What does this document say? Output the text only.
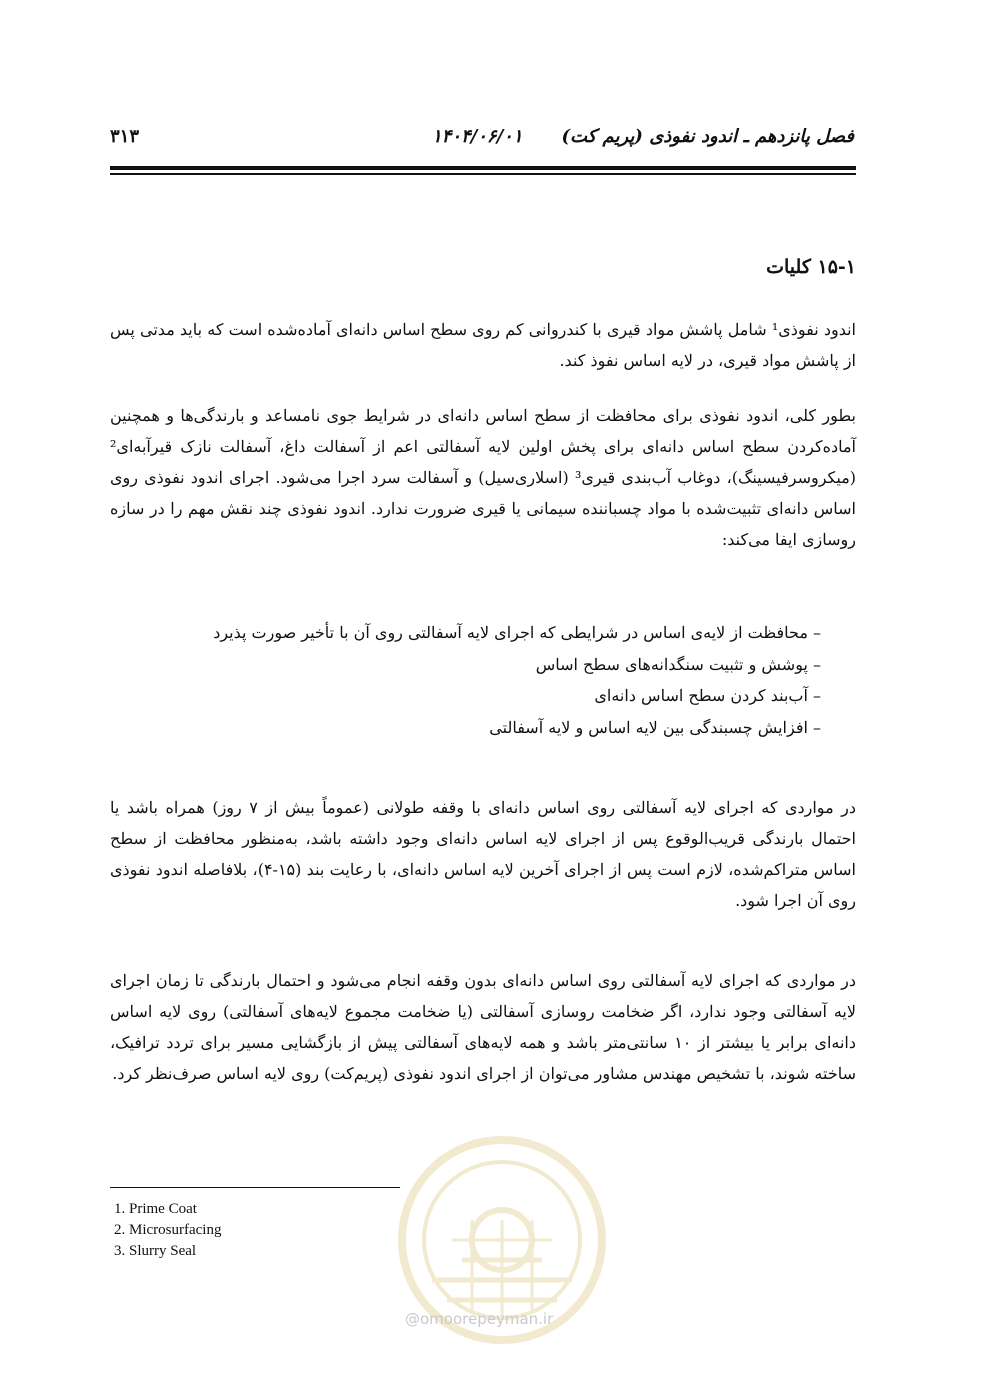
فصل پانزدهم ـ اندود نفوذی (پریم کت)
۱۴۰۴/۰۶/۰۱
۳۱۳
۱۵-۱ کلیات
اندود نفوذی¹ شامل پاشش مواد قیری با کندروانی کم روی سطح اساس دانه‌ای آماده‌شده است که باید مدتی پس از پاشش مواد قیری، در لایه اساس نفوذ کند.
بطور کلی، اندود نفوذی برای محافظت از سطح اساس دانه‌ای در شرایط جوی نامساعد و بارندگی‌ها و همچنین آماده‌کردن سطح اساس دانه‌ای برای پخش اولین لایه آسفالتی اعم از آسفالت داغ، آسفالت نازک قیرآبه‌ای² (میکروسرفیسینگ)، دوغاب آب‌بندی قیری³ (اسلاری‌سیل) و آسفالت سرد اجرا می‌شود. اجرای اندود نفوذی روی اساس دانه‌ای تثبیت‌شده با مواد چسباننده سیمانی یا قیری ضرورت ندارد. اندود نفوذی چند نقش مهم را در سازه روسازی ایفا می‌کند:
– محافظت از لایه‌ی اساس در شرایطی که اجرای لایه آسفالتی روی آن با تأخیر صورت پذیرد
– پوشش و تثبیت سنگدانه‌های سطح اساس
– آب‌بند کردن سطح اساس دانه‌ای
– افزایش چسبندگی بین لایه اساس و لایه آسفالتی
در مواردی که اجرای لایه آسفالتی روی اساس دانه‌ای با وقفه طولانی (عموماً بیش از ۷ روز) همراه باشد یا احتمال بارندگی قریب‌الوقوع پس از اجرای لایه اساس دانه‌ای وجود داشته باشد، به‌منظور محافظت از سطح اساس متراکم‌شده، لازم است پس از اجرای آخرین لایه اساس دانه‌ای، با رعایت بند (۱۵-۴)، بلافاصله اندود نفوذی روی آن اجرا شود.
در مواردی که اجرای لایه آسفالتی روی اساس دانه‌ای بدون وقفه انجام می‌شود و احتمال بارندگی تا زمان اجرای لایه آسفالتی وجود ندارد، اگر ضخامت روسازی آسفالتی (یا ضخامت مجموع لایه‌های آسفالتی) روی لایه اساس دانه‌ای برابر یا بیشتر از ۱۰ سانتی‌متر باشد و همه لایه‌های آسفالتی پیش از بازگشایی مسیر برای تردد ترافیک، ساخته شوند، با تشخیص مهندس مشاور می‌توان از اجرای اندود نفوذی (پریم‌کت) روی لایه اساس صرف‌نظر کرد.
1. Prime Coat
2. Microsurfacing
3. Slurry Seal
@omoorepeyman.ir
